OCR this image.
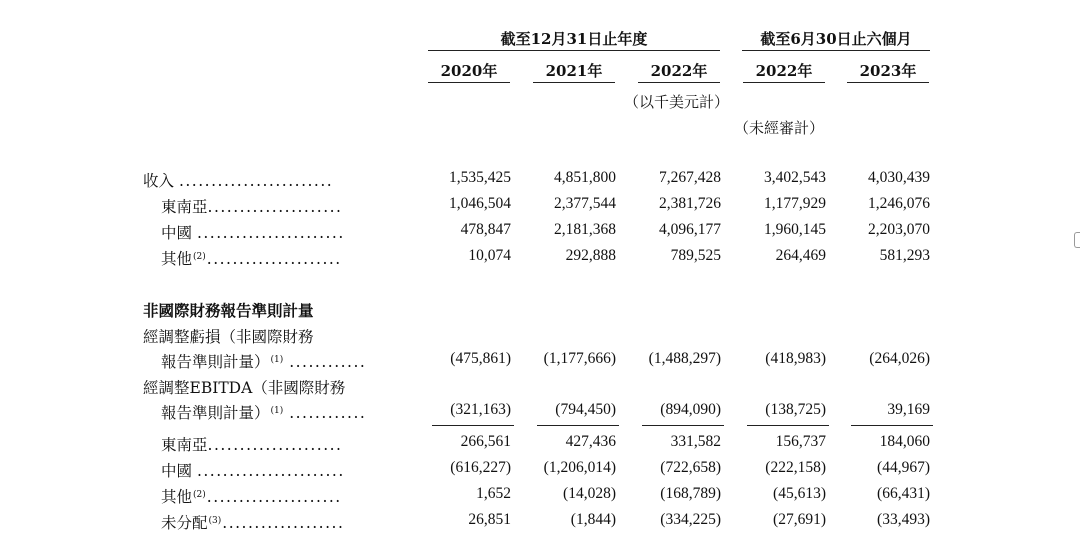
截至12月31日止年度	截至6月30日止六個月
2020年	2021年	2022年	2022年	2023年
（以千美元計）
（未經審計）
收入 ........................	1,535,425	4,851,800	7,267,428	3,402,543	4,030,439
東南亞.....................	1,046,504	2,377,544	2,381,726	1,177,929	1,246,076
中國 .......................	478,847	2,181,368	4,096,177	1,960,145	2,203,070
其他$^{(2)}$.....................	10,074	292,888	789,525	264,469	581,293
非國際財務報告準則計量
經調整虧損（非國際財務
報告準則計量）$^{(1)}$ ............	(475,861)	(1,177,666)	(1,488,297)	(418,983)	(264,026)
經調整EBITDA（非國際財務
報告準則計量）$^{(1)}$ ............	(321,163)	(794,450)	(894,090)	(138,725)	39,169
東南亞.....................	266,561	427,436	331,582	156,737	184,060
中國 .......................	(616,227)	(1,206,014)	(722,658)	(222,158)	(44,967)
其他$^{(2)}$.....................	1,652	(14,028)	(168,789)	(45,613)	(66,431)
未分配$^{(3)}$...................	26,851	(1,844)	(334,225)	(27,691)	(33,493)
